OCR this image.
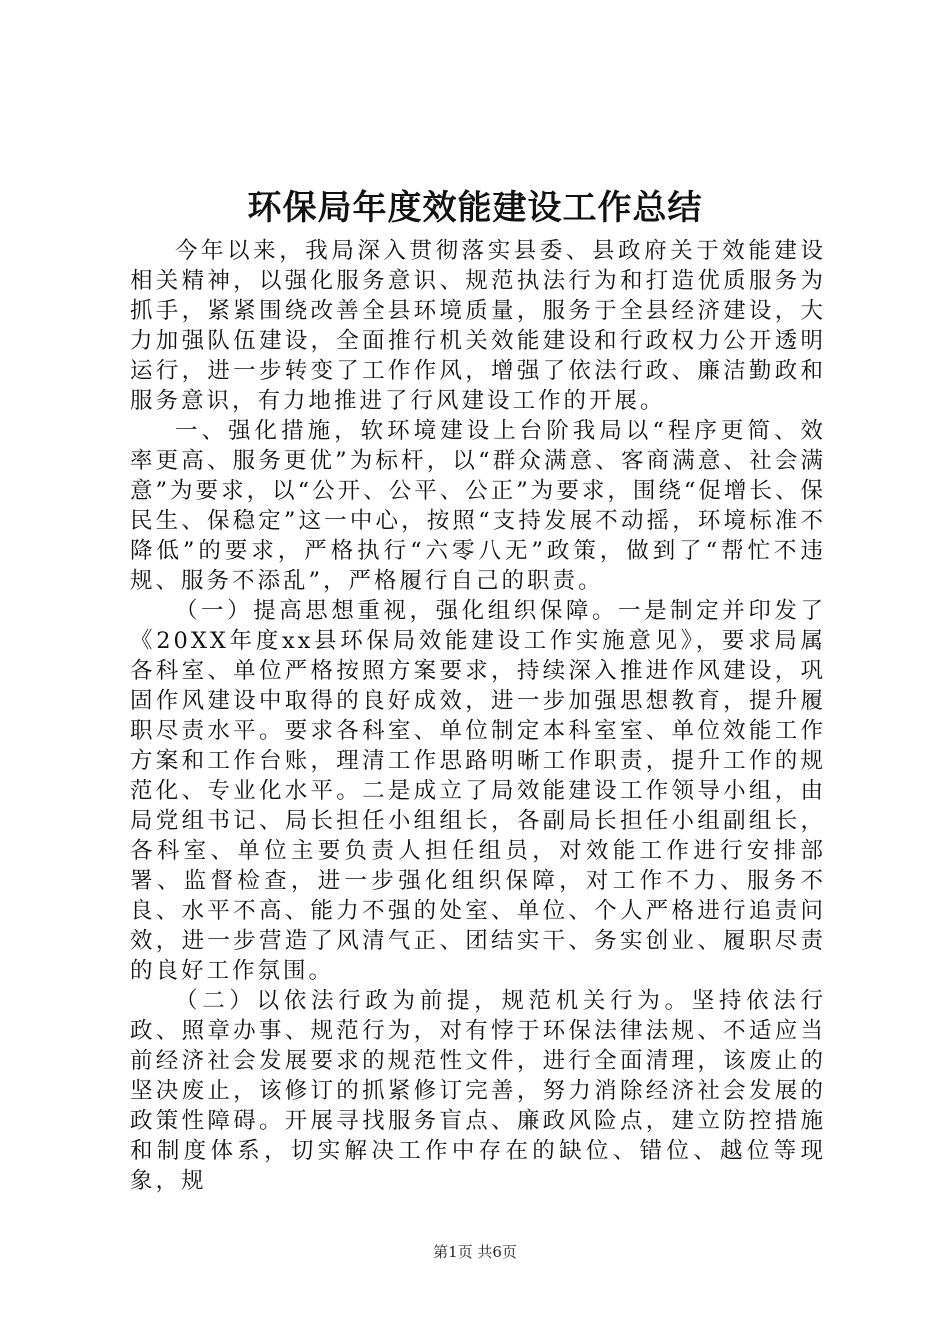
环保局年度效能建设工作总结

今年以来，我局深入贯彻落实县委、县政府关于效能建设相关精神，以强化服务意识、规范执法行为和打造优质服务为抓手，紧紧围绕改善全县环境质量，服务于全县经济建设，大力加强队伍建设，全面推行机关效能建设和行政权力公开透明运行，进一步转变了工作作风，增强了依法行政、廉洁勤政和服务意识，有力地推进了行风建设工作的开展。

一、强化措施，软环境建设上台阶我局以“程序更简、效率更高、服务更优”为标杆，以“群众满意、客商满意、社会满意”为要求，以“公开、公平、公正”为要求，围绕“促增长、保民生、保稳定”这一中心，按照“支持发展不动摇，环境标准不降低”的要求，严格执行“六零八无”政策，做到了“帮忙不违规、服务不添乱”，严格履行自己的职责。

（一）提高思想重视，强化组织保障。一是制定并印发了《20XX年度xx县环保局效能建设工作实施意见》，要求局属各科室、单位严格按照方案要求，持续深入推进作风建设，巩固作风建设中取得的良好成效，进一步加强思想教育，提升履职尽责水平。要求各科室、单位制定本科室室、单位效能工作方案和工作台账，理清工作思路明晰工作职责，提升工作的规范化、专业化水平。二是成立了局效能建设工作领导小组，由局党组书记、局长担任小组组长，各副局长担任小组副组长，各科室、单位主要负责人担任组员，对效能工作进行安排部署、监督检查，进一步强化组织保障，对工作不力、服务不良、水平不高、能力不强的处室、单位、个人严格进行追责问效，进一步营造了风清气正、团结实干、务实创业、履职尽责的良好工作氛围。

（二）以依法行政为前提，规范机关行为。坚持依法行政、照章办事、规范行为，对有悖于环保法律法规、不适应当前经济社会发展要求的规范性文件，进行全面清理，该废止的坚决废止，该修订的抓紧修订完善，努力消除经济社会发展的政策性障碍。开展寻找服务盲点、廉政风险点，建立防控措施和制度体系，切实解决工作中存在的缺位、错位、越位等现象，规

第1页 共6页
